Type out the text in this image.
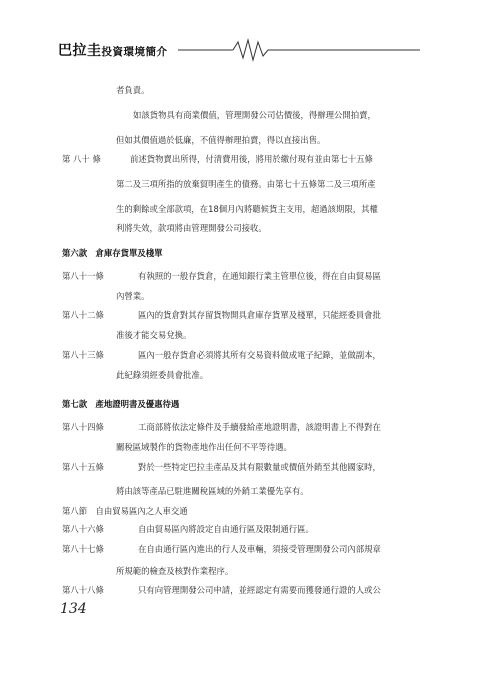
巴拉圭投資環境簡介
者負責。
如該貨物具有商業價值，管理開發公司估價後，得辦理公開拍賣，
但如其價值過於低廉，不值得辦理拍賣，得以直接出售。
前述貨物賣出所得，付清費用後，將用於繳付現有並由第七十五條
第二及三項所指的放棄貿明產生的債務。由第七十五條第二及三項所產
生的剩餘或全部款項，在18個月內將聽候貨主支用，超過該期限，其權
利將失效，款項將由管理開發公司接收。
有執照的一般存貨倉，在通知銀行業主管單位後，得在自由貿易區
內營業。
區內的貨倉對其存留貨物開具倉庫存貨單及棧單，只能經委員會批
准後才能交易兌換。
區內一般存貨倉必須將其所有交易資料做成電子紀錄，並做副本，
此紀錄須經委員會批准。
工商部將依法定條件及手續發給產地證明書，該證明書上不得對在
關稅區域製作的貨物產地作出任何不平等待遇。
對於一些特定巴拉圭產品及其有限數量或價值外銷至其他國家時，
將由該等產品已駐進關稅區域的外銷工業優先享有。
自由貿易區內將設定自由通行區及限制通行區。
在自由通行區內進出的行人及車輛，須接受管理開發公司內部規章
所規範的檢查及核對作業程序。
只有向管理開發公司申請，並經認定有需要而獲發通行證的人或公
第 八十 條
第八十一條
第八十二條
第八十三條
第八十四條
第八十五條
第八節　自由貿易區內之人車交通
第八十六條
第八十七條
第八十八條
第六款　倉庫存貨單及棧單
第七款　產地證明書及優惠待遇
134
